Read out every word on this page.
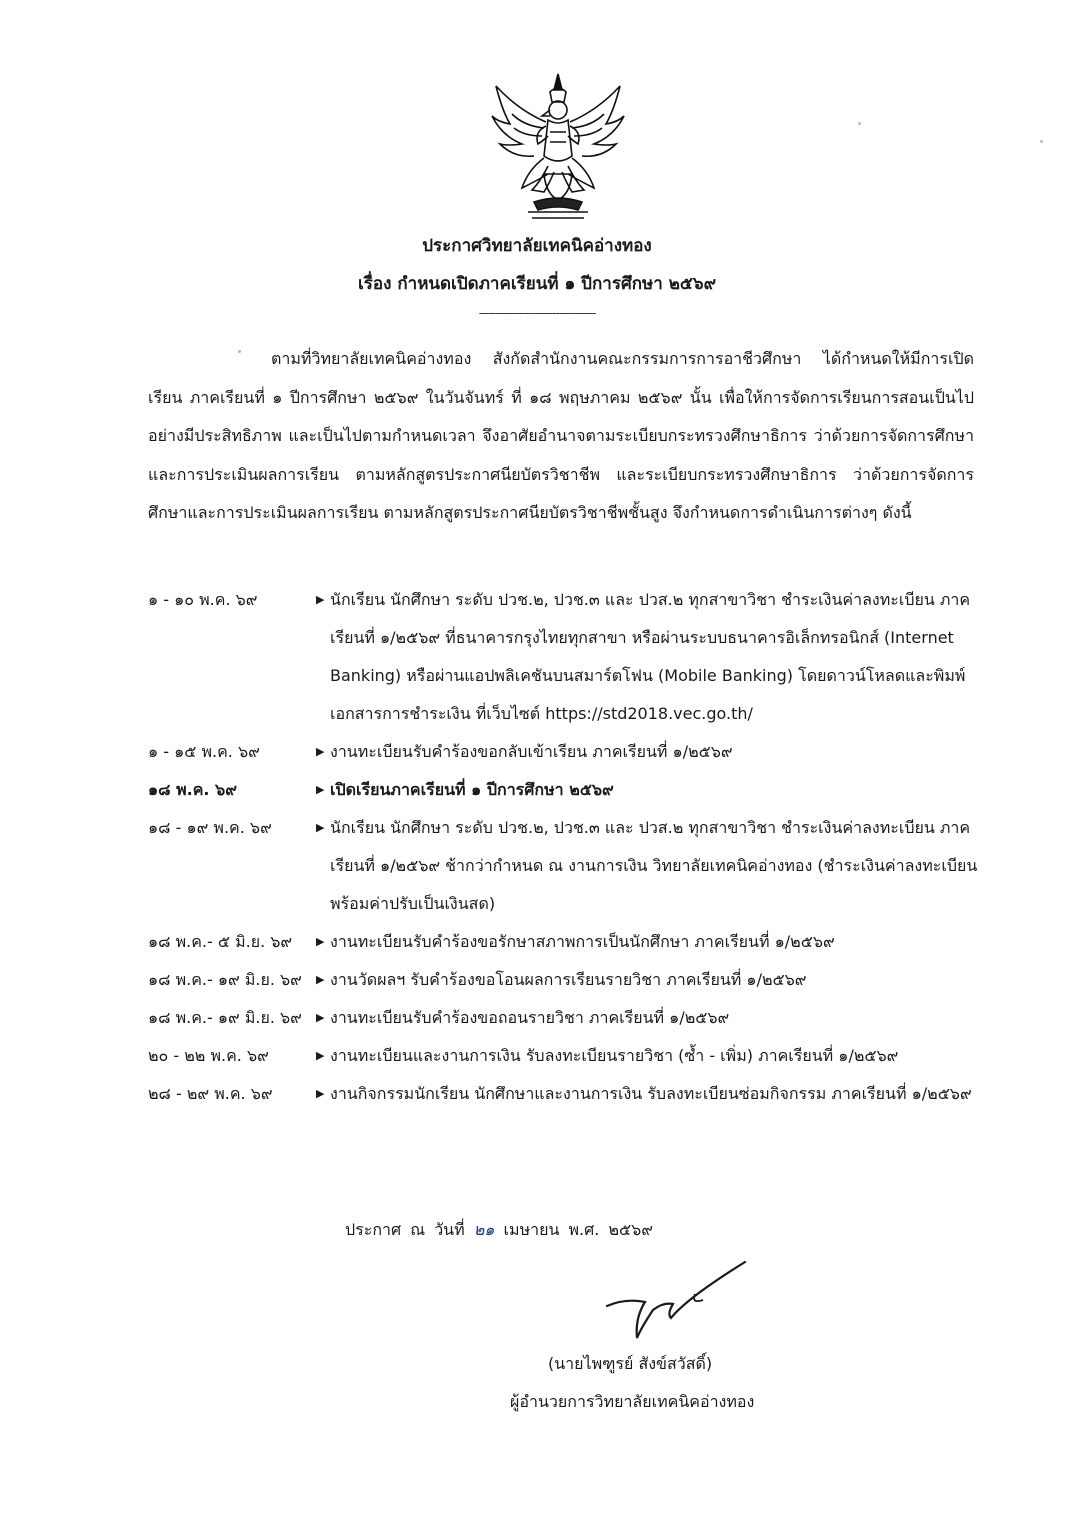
ประกาศวิทยาลัยเทคนิคอ่างทอง
เรื่อง กำหนดเปิดภาคเรียนที่ ๑ ปีการศึกษา ๒๕๖๙
-----------------------------------
ตามที่วิทยาลัยเทคนิคอ่างทอง สังกัดสำนักงานคณะกรรมการการอาชีวศึกษา ได้กำหนดให้มีการเปิดเรียน ภาคเรียนที่ ๑ ปีการศึกษา ๒๕๖๙ ในวันจันทร์ ที่ ๑๘ พฤษภาคม ๒๕๖๙ นั้น เพื่อให้การจัดการเรียนการสอนเป็นไปอย่างมีประสิทธิภาพ และเป็นไปตามกำหนดเวลา จึงอาศัยอำนาจตามระเบียบกระทรวงศึกษาธิการ ว่าด้วยการจัดการศึกษาและการประเมินผลการเรียน ตามหลักสูตรประกาศนียบัตรวิชาชีพ และระเบียบกระทรวงศึกษาธิการ ว่าด้วยการจัดการศึกษาและการประเมินผลการเรียน ตามหลักสูตรประกาศนียบัตรวิชาชีพชั้นสูง จึงกำหนดการดำเนินการต่างๆ ดังนี้
๑ - ๑๐ พ.ค. ๖๙	▶ นักเรียน นักศึกษา ระดับ ปวช.๒, ปวช.๓ และ ปวส.๒ ทุกสาขาวิชา ชำระเงินค่าลงทะเบียน ภาคเรียนที่ ๑/๒๕๖๙ ที่ธนาคารกรุงไทยทุกสาขา หรือผ่านระบบธนาคารอิเล็กทรอนิกส์ (Internet Banking) หรือผ่านแอปพลิเคชันบนสมาร์ตโฟน (Mobile Banking) โดยดาวน์โหลดและพิมพ์เอกสารการชำระเงิน ที่เว็บไซต์ https://std2018.vec.go.th/
๑ - ๑๕ พ.ค. ๖๙	▶ งานทะเบียนรับคำร้องขอกลับเข้าเรียน ภาคเรียนที่ ๑/๒๕๖๙
๑๘ พ.ค. ๖๙	▶ เปิดเรียนภาคเรียนที่ ๑ ปีการศึกษา ๒๕๖๙
๑๘ - ๑๙ พ.ค. ๖๙	▶ นักเรียน นักศึกษา ระดับ ปวช.๒, ปวช.๓ และ ปวส.๒ ทุกสาขาวิชา ชำระเงินค่าลงทะเบียน ภาคเรียนที่ ๑/๒๕๖๙ ช้ากว่ากำหนด ณ งานการเงิน วิทยาลัยเทคนิคอ่างทอง (ชำระเงินค่าลงทะเบียนพร้อมค่าปรับเป็นเงินสด)
๑๘ พ.ค.- ๕ มิ.ย. ๖๙	▶ งานทะเบียนรับคำร้องขอรักษาสภาพการเป็นนักศึกษา ภาคเรียนที่ ๑/๒๕๖๙
๑๘ พ.ค.- ๑๙ มิ.ย. ๖๙	▶ งานวัดผลฯ รับคำร้องขอโอนผลการเรียนรายวิชา ภาคเรียนที่ ๑/๒๕๖๙
๑๘ พ.ค.- ๑๙ มิ.ย. ๖๙	▶ งานทะเบียนรับคำร้องขอถอนรายวิชา ภาคเรียนที่ ๑/๒๕๖๙
๒๐ - ๒๒ พ.ค. ๖๙	▶ งานทะเบียนและงานการเงิน รับลงทะเบียนรายวิชา (ซ้ำ - เพิ่ม) ภาคเรียนที่ ๑/๒๕๖๙
๒๘ - ๒๙ พ.ค. ๖๙	▶ งานกิจกรรมนักเรียน นักศึกษาและงานการเงิน รับลงทะเบียนซ่อมกิจกรรม ภาคเรียนที่ ๑/๒๕๖๙
ประกาศ ณ วันที่ ๒๑ เมษายน พ.ศ. ๒๕๖๙
(นายไพฑูรย์ สังข์สวัสดิ์)
ผู้อำนวยการวิทยาลัยเทคนิคอ่างทอง
